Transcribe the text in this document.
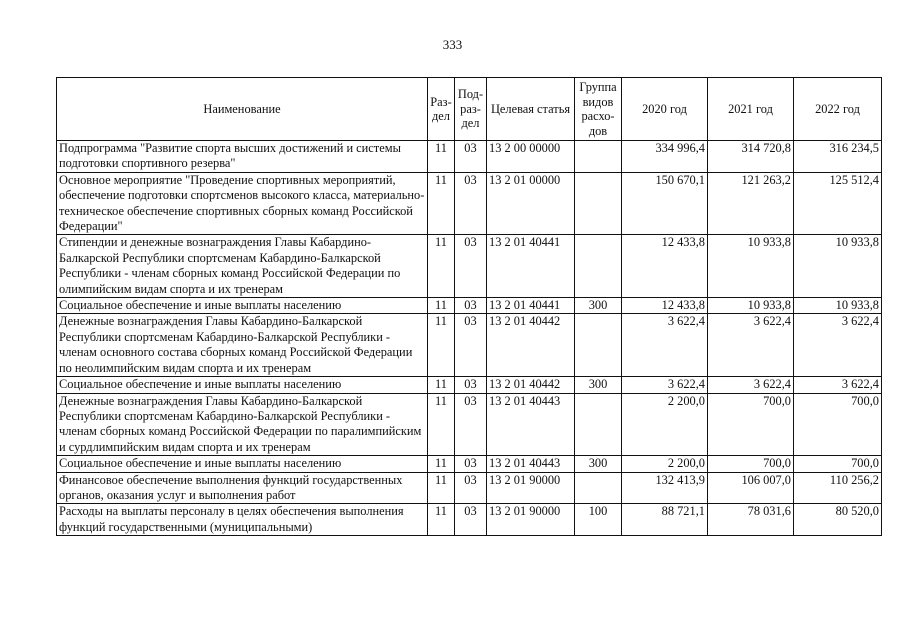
333
Наименование	Раз-дел	Под-раз-дел	Целевая статья	Группа видов расхо-дов	2020 год	2021 год	2022 год
Подпрограмма "Развитие спорта высших достижений и системы подготовки спортивного резерва"	11	03	13 2 00 00000		334 996,4	314 720,8	316 234,5
Основное мероприятие "Проведение спортивных мероприятий, обеспечение подготовки спортсменов высокого класса, материально-техническое обеспечение спортивных сборных команд Российской Федерации"	11	03	13 2 01 00000		150 670,1	121 263,2	125 512,4
Стипендии и денежные вознаграждения Главы Кабардино-Балкарской Республики спортсменам Кабардино-Балкарской Республики - членам сборных команд Российской Федерации по олимпийским видам спорта и их тренерам	11	03	13 2 01 40441		12 433,8	10 933,8	10 933,8
Социальное обеспечение и иные выплаты населению	11	03	13 2 01 40441	300	12 433,8	10 933,8	10 933,8
Денежные вознаграждения Главы Кабардино-Балкарской Республики спортсменам Кабардино-Балкарской Республики - членам основного состава сборных команд Российской Федерации по неолимпийским видам спорта и их тренерам	11	03	13 2 01 40442		3 622,4	3 622,4	3 622,4
Социальное обеспечение и иные выплаты населению	11	03	13 2 01 40442	300	3 622,4	3 622,4	3 622,4
Денежные вознаграждения Главы Кабардино-Балкарской Республики спортсменам Кабардино-Балкарской Республики - членам сборных команд Российской Федерации по паралимпийским и сурдлимпийским видам спорта и их тренерам	11	03	13 2 01 40443		2 200,0	700,0	700,0
Социальное обеспечение и иные выплаты населению	11	03	13 2 01 40443	300	2 200,0	700,0	700,0
Финансовое обеспечение выполнения функций государственных органов, оказания услуг и выполнения работ	11	03	13 2 01 90000		132 413,9	106 007,0	110 256,2
Расходы на выплаты персоналу в целях обеспечения выполнения функций государственными (муниципальными)	11	03	13 2 01 90000	100	88 721,1	78 031,6	80 520,0
